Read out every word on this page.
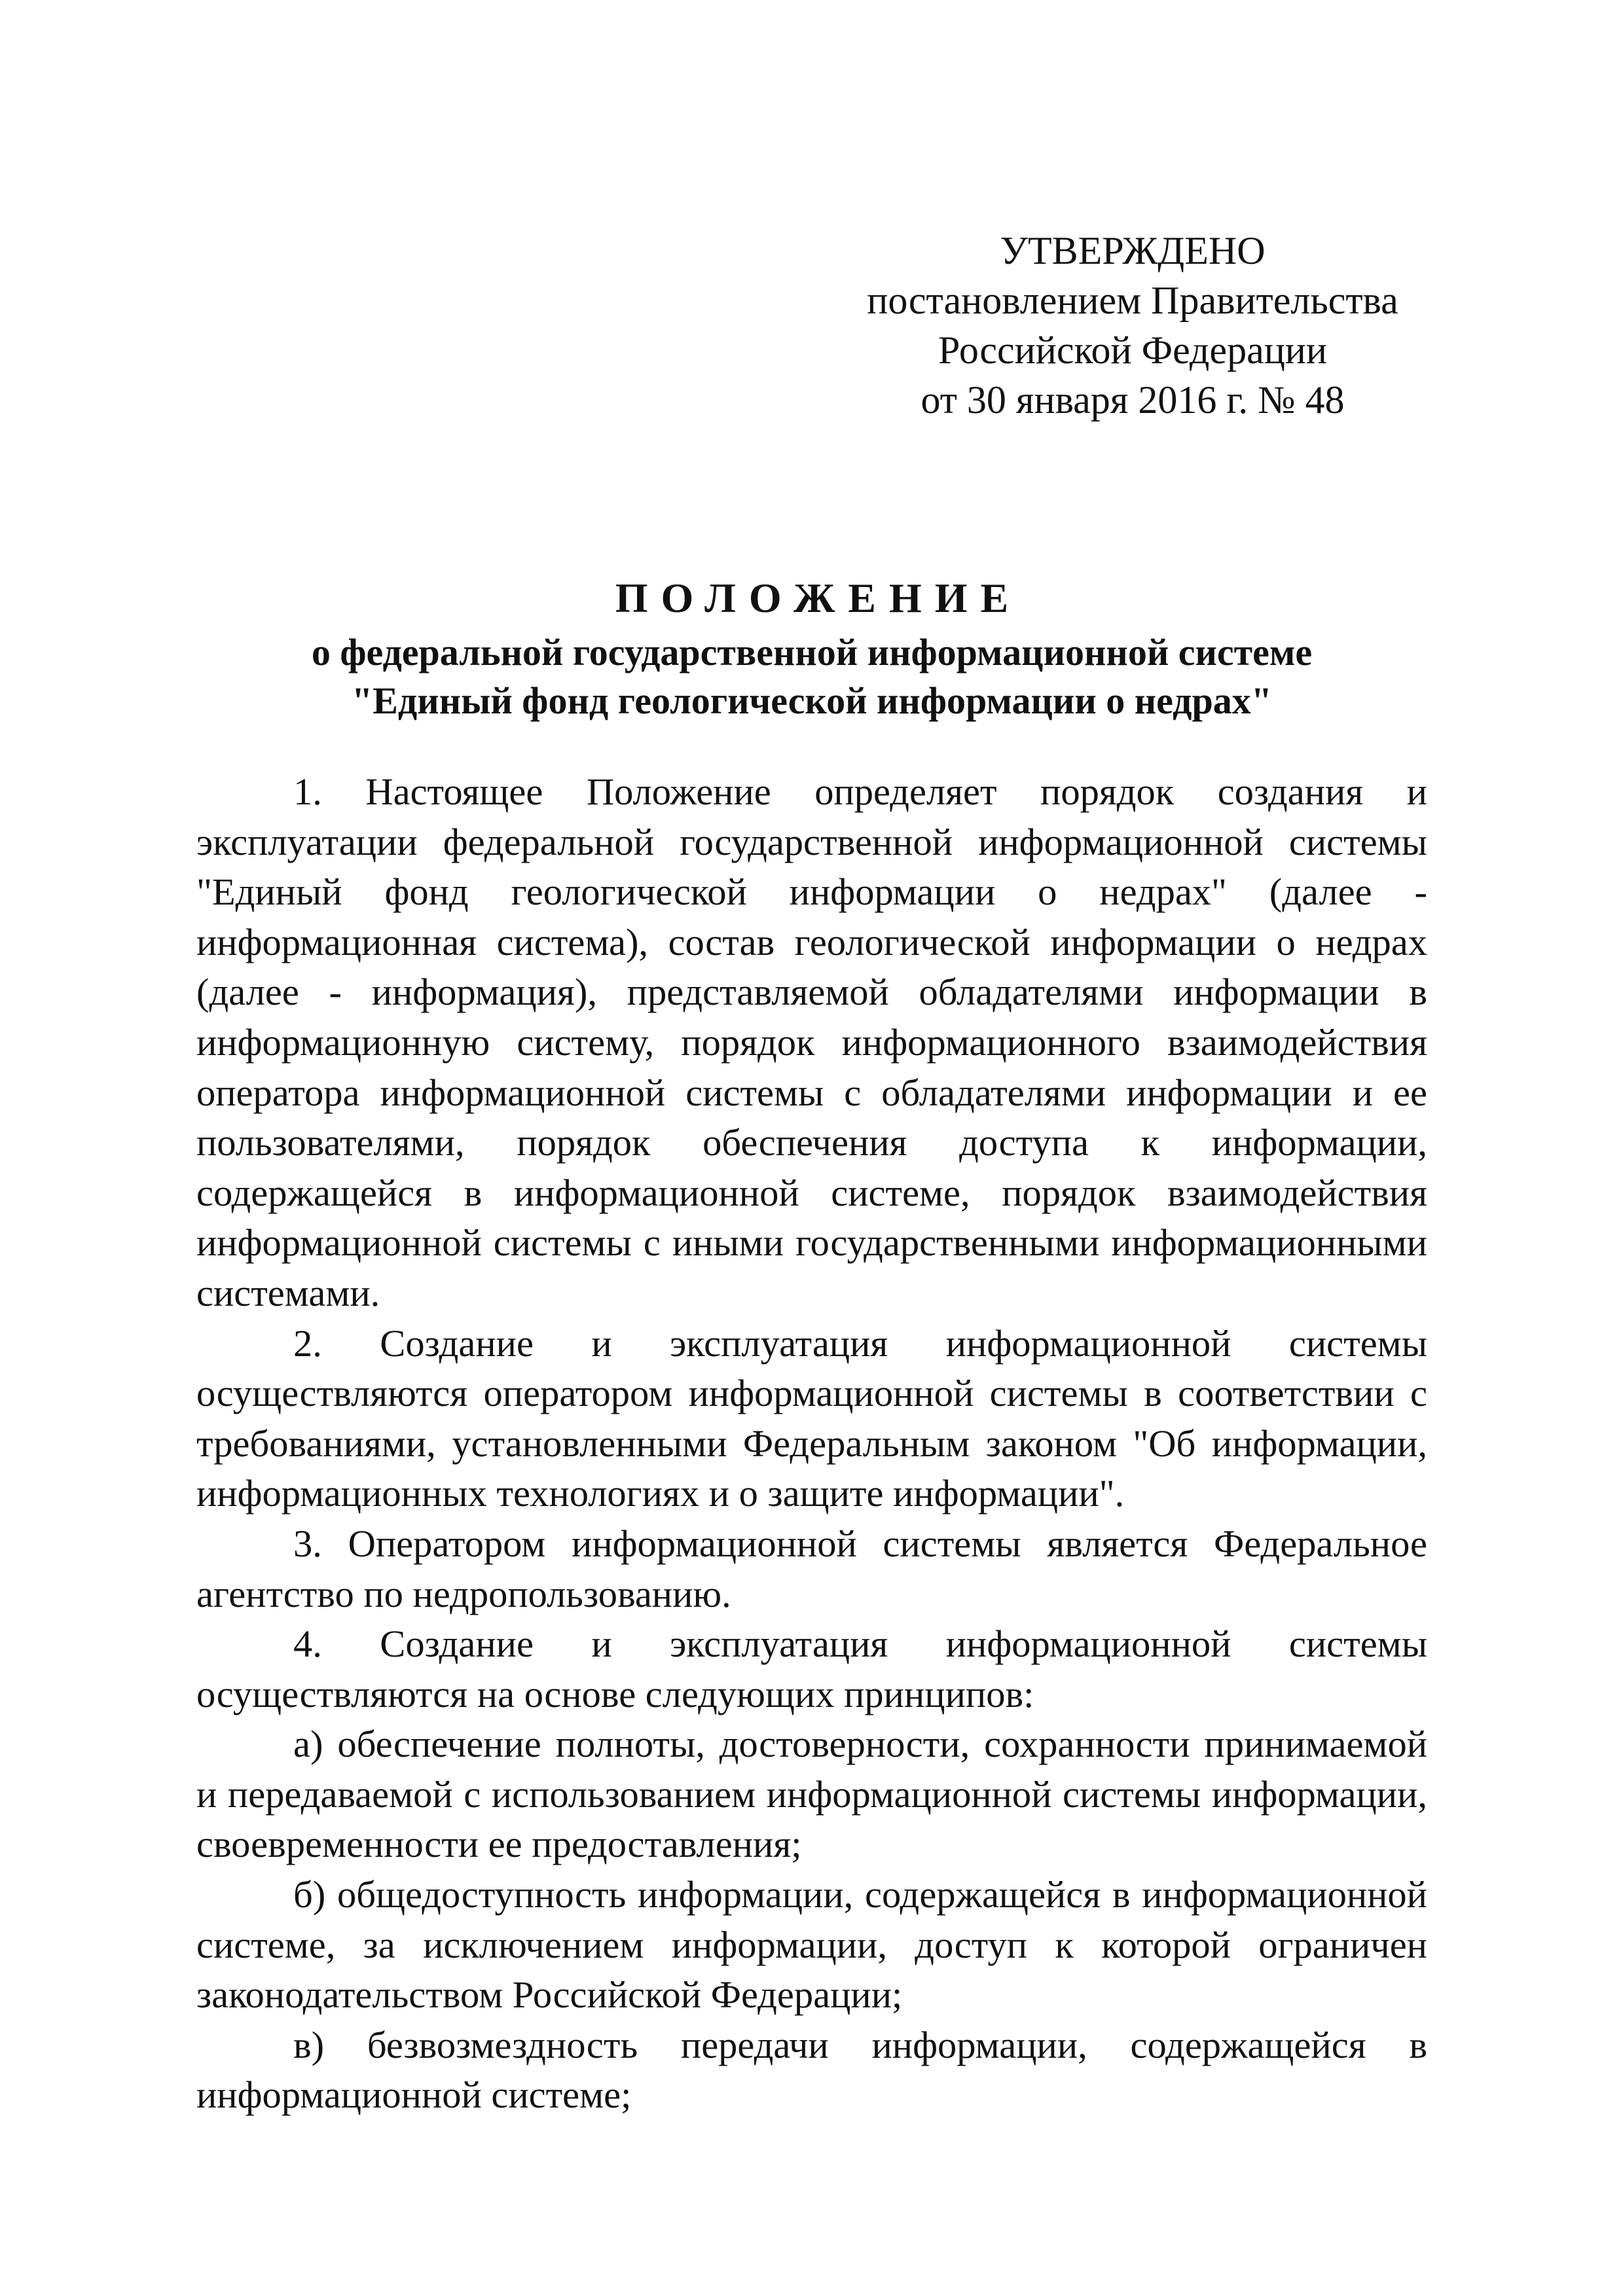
УТВЕРЖДЕНО
постановлением Правительства
Российской Федерации
от 30 января 2016 г. № 48
ПОЛОЖЕНИЕ
о федеральной государственной информационной системе
"Единый фонд геологической информации о недрах"

1. Настоящее Положение определяет порядок создания и эксплуатации федеральной государственной информационной системы "Единый фонд геологической информации о недрах" (далее - информационная система), состав геологической информации о недрах (далее - информация), представляемой обладателями информации в информационную систему, порядок информационного взаимодействия оператора информационной системы с обладателями информации и ее пользователями, порядок обеспечения доступа к информации, содержащейся в информационной системе, порядок взаимодействия информационной системы с иными государственными информационными системами.

2. Создание и эксплуатация информационной системы осуществляются оператором информационной системы в соответствии с требованиями, установленными Федеральным законом "Об информации, информационных технологиях и о защите информации".

3. Оператором информационной системы является Федеральное агентство по недропользованию.

4. Создание и эксплуатация информационной системы осуществляются на основе следующих принципов:

а) обеспечение полноты, достоверности, сохранности принимаемой и передаваемой с использованием информационной системы информации, своевременности ее предоставления;

б) общедоступность информации, содержащейся в информационной системе, за исключением информации, доступ к которой ограничен законодательством Российской Федерации;

в) безвозмездность передачи информации, содержащейся в информационной системе;
